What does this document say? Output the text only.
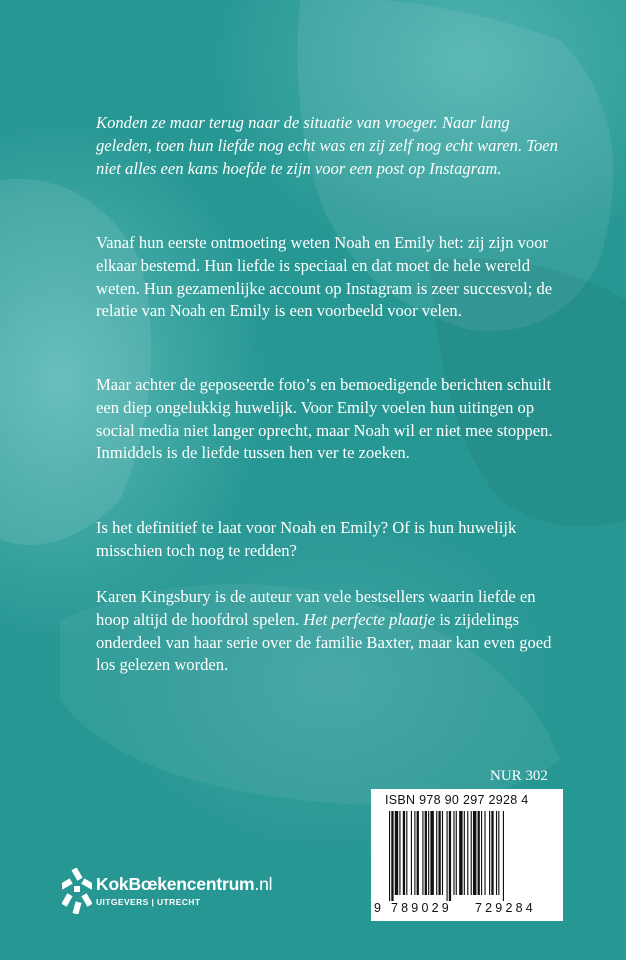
Konden ze maar terug naar de situatie van vroeger. Naar lang geleden, toen hun liefde nog echt was en zij zelf nog echt waren. Toen niet alles een kans hoefde te zijn voor een post op Instagram.

Vanaf hun eerste ontmoeting weten Noah en Emily het: zij zijn voor elkaar bestemd. Hun liefde is speciaal en dat moet de hele wereld weten. Hun gezamenlijke account op Instagram is zeer succesvol; de relatie van Noah en Emily is een voorbeeld voor velen.

Maar achter de geposeerde foto’s en bemoedigende berichten schuilt een diep ongelukkig huwelijk. Voor Emily voelen hun uitingen op social media niet langer oprecht, maar Noah wil er niet mee stoppen. Inmiddels is de liefde tussen hen ver te zoeken.

Is het definitief te laat voor Noah en Emily? Of is hun huwelijk misschien toch nog te redden?

Karen Kingsbury is de auteur van vele bestsellers waarin liefde en hoop altijd de hoofdrol spelen. Het perfecte plaatje is zijdelings onderdeel van haar serie over de familie Baxter, maar kan even goed los gelezen worden.

NUR 302
ISBN 978 90 297 2928 4
9 789029 729284
KokBœkencentrum.nl
UITGEVERS | UTRECHT
